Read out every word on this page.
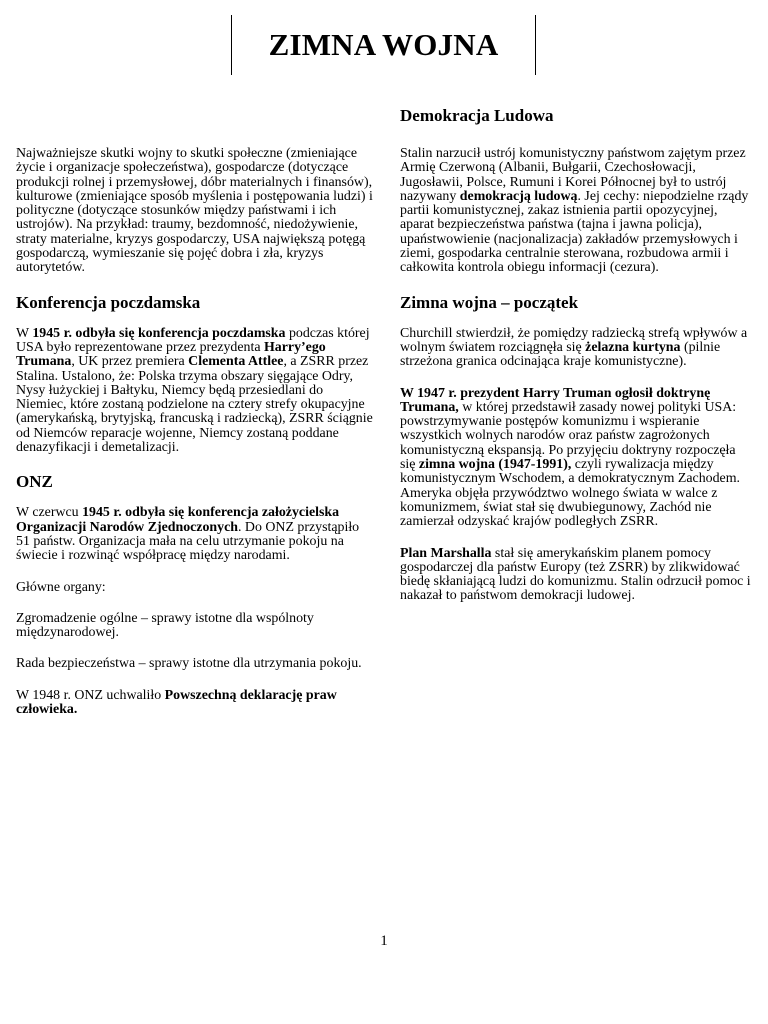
ZIMNA WOJNA

Najważniejsze skutki wojny to skutki społeczne (zmieniające życie i organizacje społeczeństwa), gospodarcze (dotyczące produkcji rolnej i przemysłowej, dóbr materialnych i finansów), kulturowe (zmieniające sposób myślenia i postępowania ludzi) i polityczne (dotyczące stosunków między państwami i ich ustrojów). Na przykład: traumy, bezdomność, niedożywienie, straty materialne, kryzys gospodarczy, USA największą potęgą gospodarczą, wymieszanie się pojęć dobra i zła, kryzys autorytetów.

Konferencja poczdamska

W 1945 r. odbyła się konferencja poczdamska podczas której USA było reprezentowane przez prezydenta Harry’ego Trumana, UK przez premiera Clementa Attlee, a ZSRR przez Stalina. Ustalono, że: Polska trzyma obszary sięgające Odry, Nysy łużyckiej i Bałtyku, Niemcy będą przesiedlani do Niemiec, które zostaną podzielone na cztery strefy okupacyjne (amerykańską, brytyjską, francuską i radziecką), ZSRR ściągnie od Niemców reparacje wojenne, Niemcy zostaną poddane denazyfikacji i demetalizacji.

ONZ

W czerwcu 1945 r. odbyła się konferencja założycielska Organizacji Narodów Zjednoczonych. Do ONZ przystąpiło 51 państw. Organizacja mała na celu utrzymanie pokoju na świecie i rozwinąć współpracę między narodami.

Główne organy:

Zgromadzenie ogólne – sprawy istotne dla wspólnoty międzynarodowej.

Rada bezpieczeństwa – sprawy istotne dla utrzymania pokoju.

W 1948 r. ONZ uchwaliło Powszechną deklarację praw człowieka.

Demokracja Ludowa

Stalin narzucił ustrój komunistyczny państwom zajętym przez Armię Czerwoną (Albanii, Bułgarii, Czechosłowacji, Jugosławii, Polsce, Rumuni i Korei Północnej był to ustrój nazywany demokracją ludową. Jej cechy: niepodzielne rządy partii komunistycznej, zakaz istnienia partii opozycyjnej, aparat bezpieczeństwa państwa (tajna i jawna policja), upaństwowienie (nacjonalizacja) zakładów przemysłowych i ziemi, gospodarka centralnie sterowana, rozbudowa armii i całkowita kontrola obiegu informacji (cezura).

Zimna wojna – początek

Churchill stwierdził, że pomiędzy radziecką strefą wpływów a wolnym światem rozciągnęła się żelazna kurtyna (pilnie strzeżona granica odcinająca kraje komunistyczne).

W 1947 r. prezydent Harry Truman ogłosił doktrynę Trumana, w której przedstawił zasady nowej polityki USA: powstrzymywanie postępów komunizmu i wspieranie wszystkich wolnych narodów oraz państw zagrożonych komunistyczną ekspansją. Po przyjęciu doktryny rozpoczęła się zimna wojna (1947-1991), czyli rywalizacja między komunistycznym Wschodem, a demokratycznym Zachodem. Ameryka objęła przywództwo wolnego świata w walce z komunizmem, świat stał się dwubiegunowy, Zachód nie zamierzał odzyskać krajów podległych ZSRR.

Plan Marshalla stał się amerykańskim planem pomocy gospodarczej dla państw Europy (też ZSRR) by zlikwidować biedę skłaniającą ludzi do komunizmu. Stalin odrzucił pomoc i nakazał to państwom demokracji ludowej.

1
